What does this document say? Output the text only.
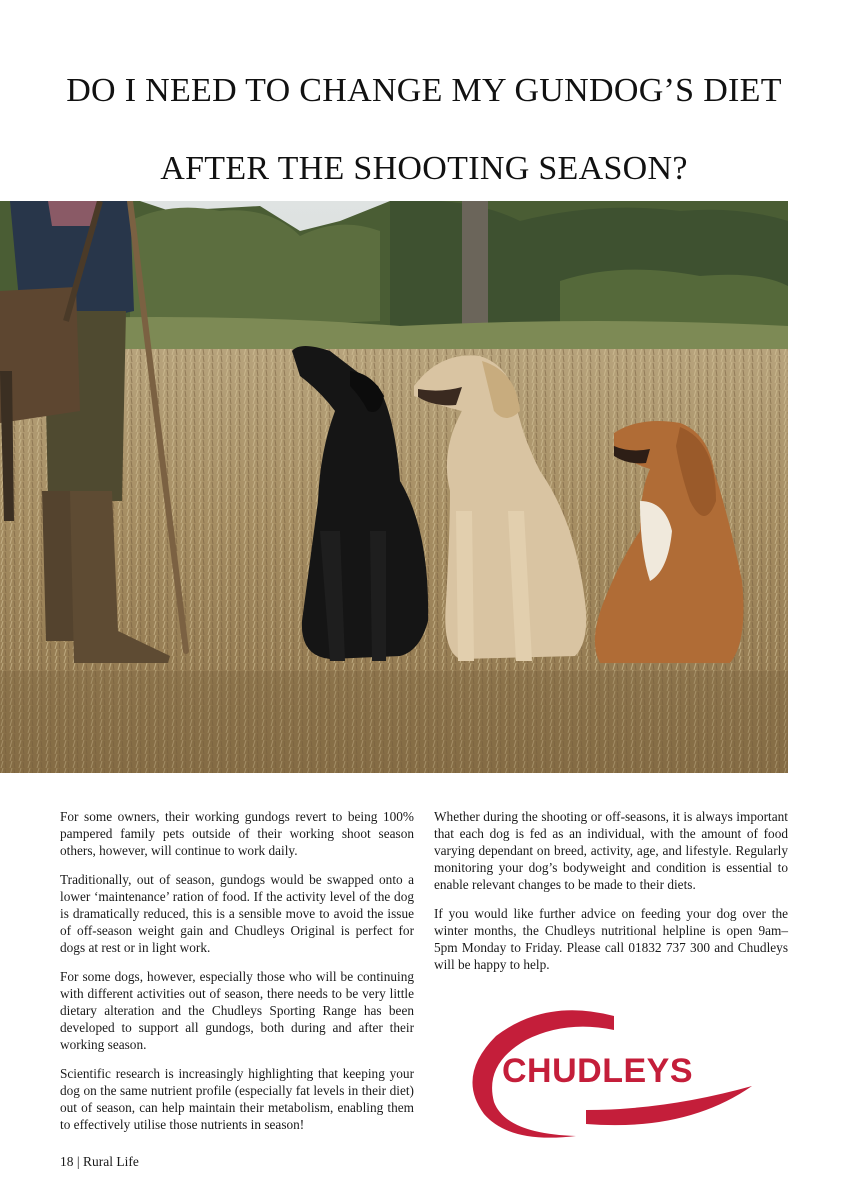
DO I NEED TO CHANGE MY GUNDOG’S DIET
AFTER THE SHOOTING SEASON?

For some owners, their working gundogs revert to being 100% pampered family pets outside of their working shoot season others, however, will continue to work daily.

Traditionally, out of season, gundogs would be swapped onto a lower ‘maintenance’ ration of food. If the activity level of the dog is dramatically reduced, this is a sensible move to avoid the issue of off-season weight gain and Chudleys Original is perfect for dogs at rest or in light work.

For some dogs, however, especially those who will be continuing with different activities out of season, there needs to be very little dietary alteration and the Chudleys Sporting Range has been developed to support all gundogs, both during and after their working season.

Scientific research is increasingly highlighting that keeping your dog on the same nutrient profile (especially fat levels in their diet) out of season, can help maintain their metabolism, enabling them to effectively utilise those nutrients in season!

Whether during the shooting or off-seasons, it is always important that each dog is fed as an individual, with the amount of food varying dependant on breed, activity, age, and lifestyle. Regularly monitoring your dog’s bodyweight and condition is essential to enable relevant changes to be made to their diets.

If you would like further advice on feeding your dog over the winter months, the Chudleys nutritional helpline is open 9am–5pm Monday to Friday. Please call 01832 737 300 and Chudleys will be happy to help.

CHUDLEYS
18 | Rural Life
